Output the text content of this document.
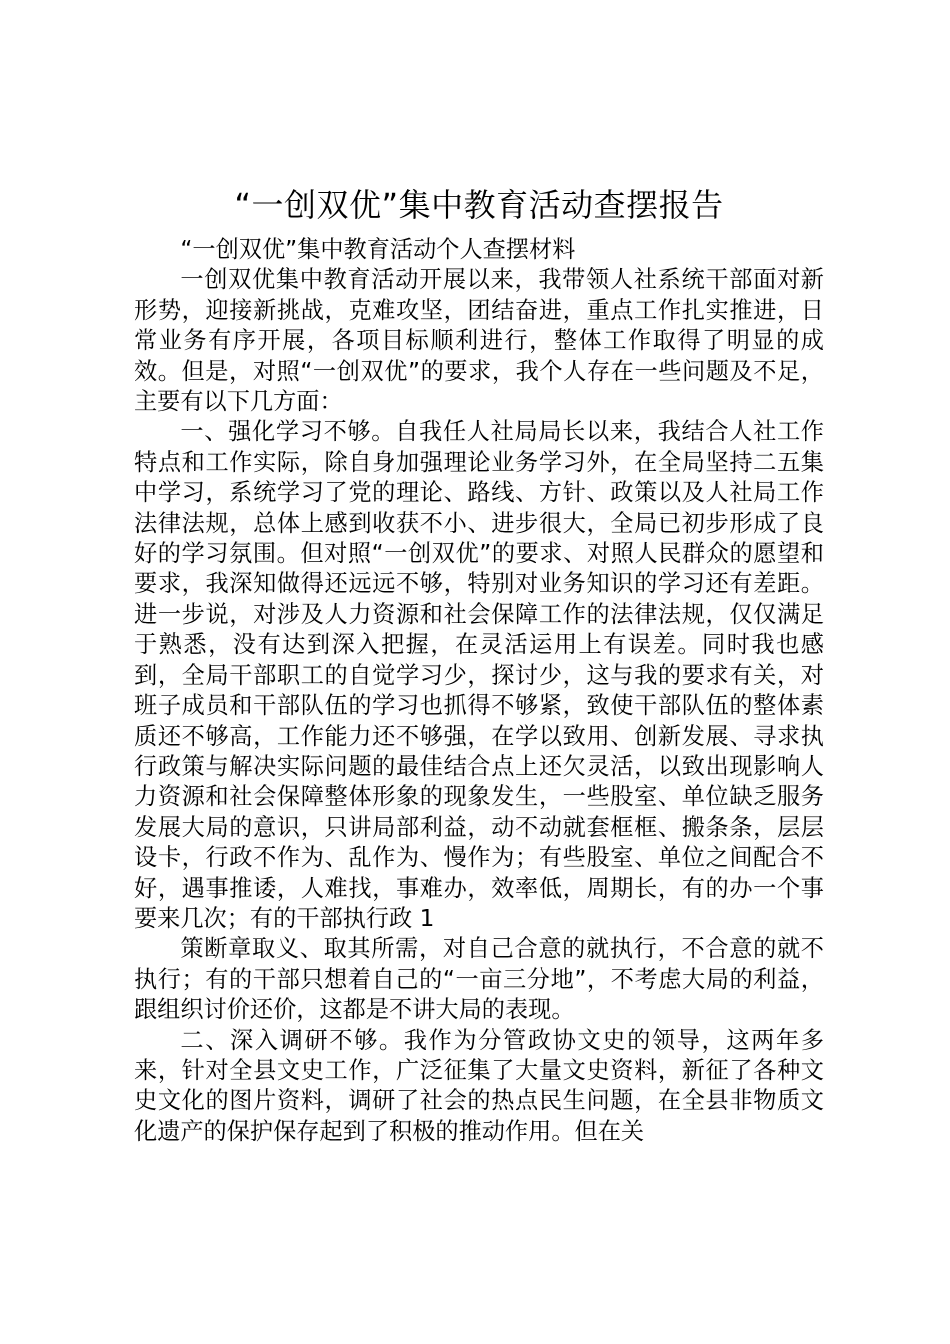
“一创双优”集中教育活动查摆报告

“一创双优”集中教育活动个人查摆材料

一创双优集中教育活动开展以来，我带领人社系统干部面对新形势，迎接新挑战，克难攻坚，团结奋进，重点工作扎实推进，日常业务有序开展，各项目标顺利进行，整体工作取得了明显的成效。但是，对照“一创双优”的要求，我个人存在一些问题及不足，主要有以下几方面：

一、强化学习不够。自我任人社局局长以来，我结合人社工作特点和工作实际，除自身加强理论业务学习外，在全局坚持二五集中学习，系统学习了党的理论、路线、方针、政策以及人社局工作法律法规，总体上感到收获不小、进步很大，全局已初步形成了良好的学习氛围。但对照“一创双优”的要求、对照人民群众的愿望和要求，我深知做得还远远不够，特别对业务知识的学习还有差距。进一步说，对涉及人力资源和社会保障工作的法律法规，仅仅满足于熟悉，没有达到深入把握，在灵活运用上有误差。同时我也感到，全局干部职工的自觉学习少，探讨少，这与我的要求有关，对班子成员和干部队伍的学习也抓得不够紧，致使干部队伍的整体素质还不够高，工作能力还不够强，在学以致用、创新发展、寻求执行政策与解决实际问题的最佳结合点上还欠灵活，以致出现影响人力资源和社会保障整体形象的现象发生，一些股室、单位缺乏服务发展大局的意识，只讲局部利益，动不动就套框框、搬条条，层层设卡，行政不作为、乱作为、慢作为；有些股室、单位之间配合不好，遇事推诿，人难找，事难办，效率低，周期长，有的办一个事要来几次；有的干部执行政 1

策断章取义、取其所需，对自己合意的就执行，不合意的就不执行；有的干部只想着自己的“一亩三分地”，不考虑大局的利益，跟组织讨价还价，这都是不讲大局的表现。

二、深入调研不够。我作为分管政协文史的领导，这两年多来，针对全县文史工作，广泛征集了大量文史资料，新征了各种文史文化的图片资料，调研了社会的热点民生问题，在全县非物质文化遗产的保护保存起到了积极的推动作用。但在关
